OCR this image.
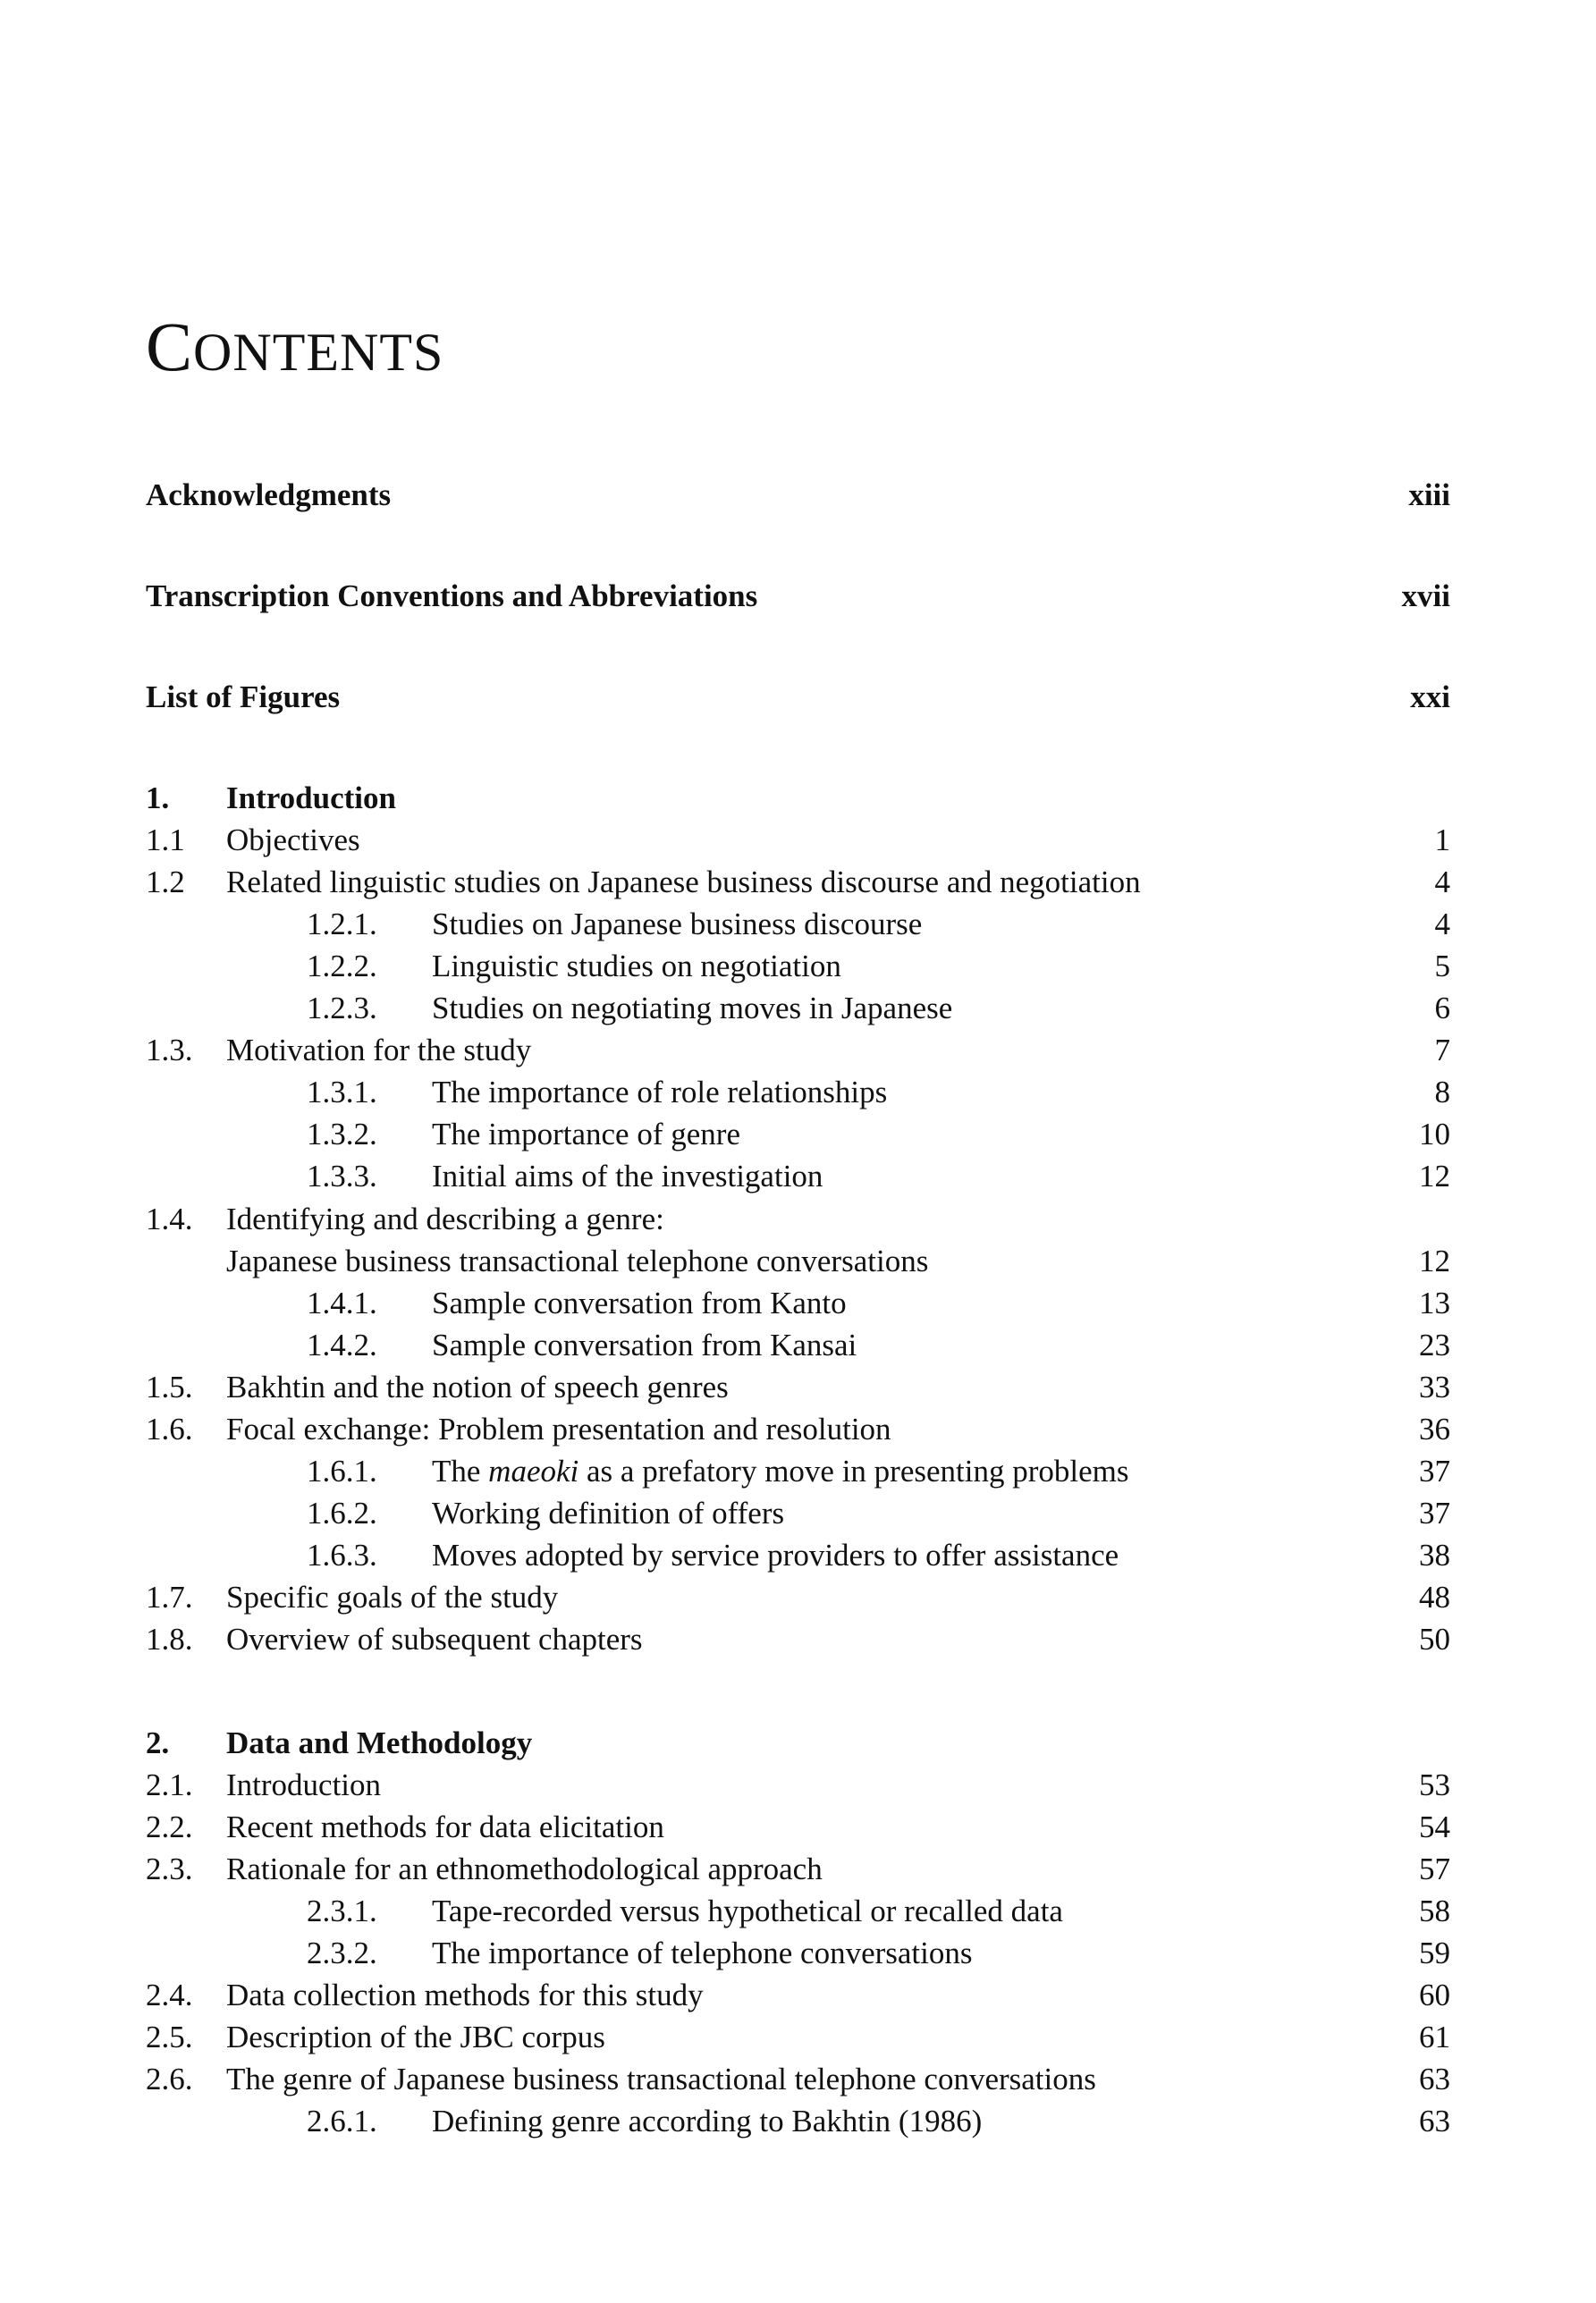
CONTENTS
Acknowledgments	xiii
Transcription Conventions and Abbreviations	xvii
List of Figures	xxi
1. Introduction
1.1 Objectives	1
1.2 Related linguistic studies on Japanese business discourse and negotiation	4
1.2.1. Studies on Japanese business discourse	4
1.2.2. Linguistic studies on negotiation	5
1.2.3. Studies on negotiating moves in Japanese	6
1.3. Motivation for the study	7
1.3.1. The importance of role relationships	8
1.3.2. The importance of genre	10
1.3.3. Initial aims of the investigation	12
1.4. Identifying and describing a genre:
Japanese business transactional telephone conversations	12
1.4.1. Sample conversation from Kanto	13
1.4.2. Sample conversation from Kansai	23
1.5. Bakhtin and the notion of speech genres	33
1.6. Focal exchange: Problem presentation and resolution	36
1.6.1. The maeoki as a prefatory move in presenting problems	37
1.6.2. Working definition of offers	37
1.6.3. Moves adopted by service providers to offer assistance	38
1.7. Specific goals of the study	48
1.8. Overview of subsequent chapters	50
2. Data and Methodology
2.1. Introduction	53
2.2. Recent methods for data elicitation	54
2.3. Rationale for an ethnomethodological approach	57
2.3.1. Tape-recorded versus hypothetical or recalled data	58
2.3.2. The importance of telephone conversations	59
2.4. Data collection methods for this study	60
2.5. Description of the JBC corpus	61
2.6. The genre of Japanese business transactional telephone conversations	63
2.6.1. Defining genre according to Bakhtin (1986)	63
